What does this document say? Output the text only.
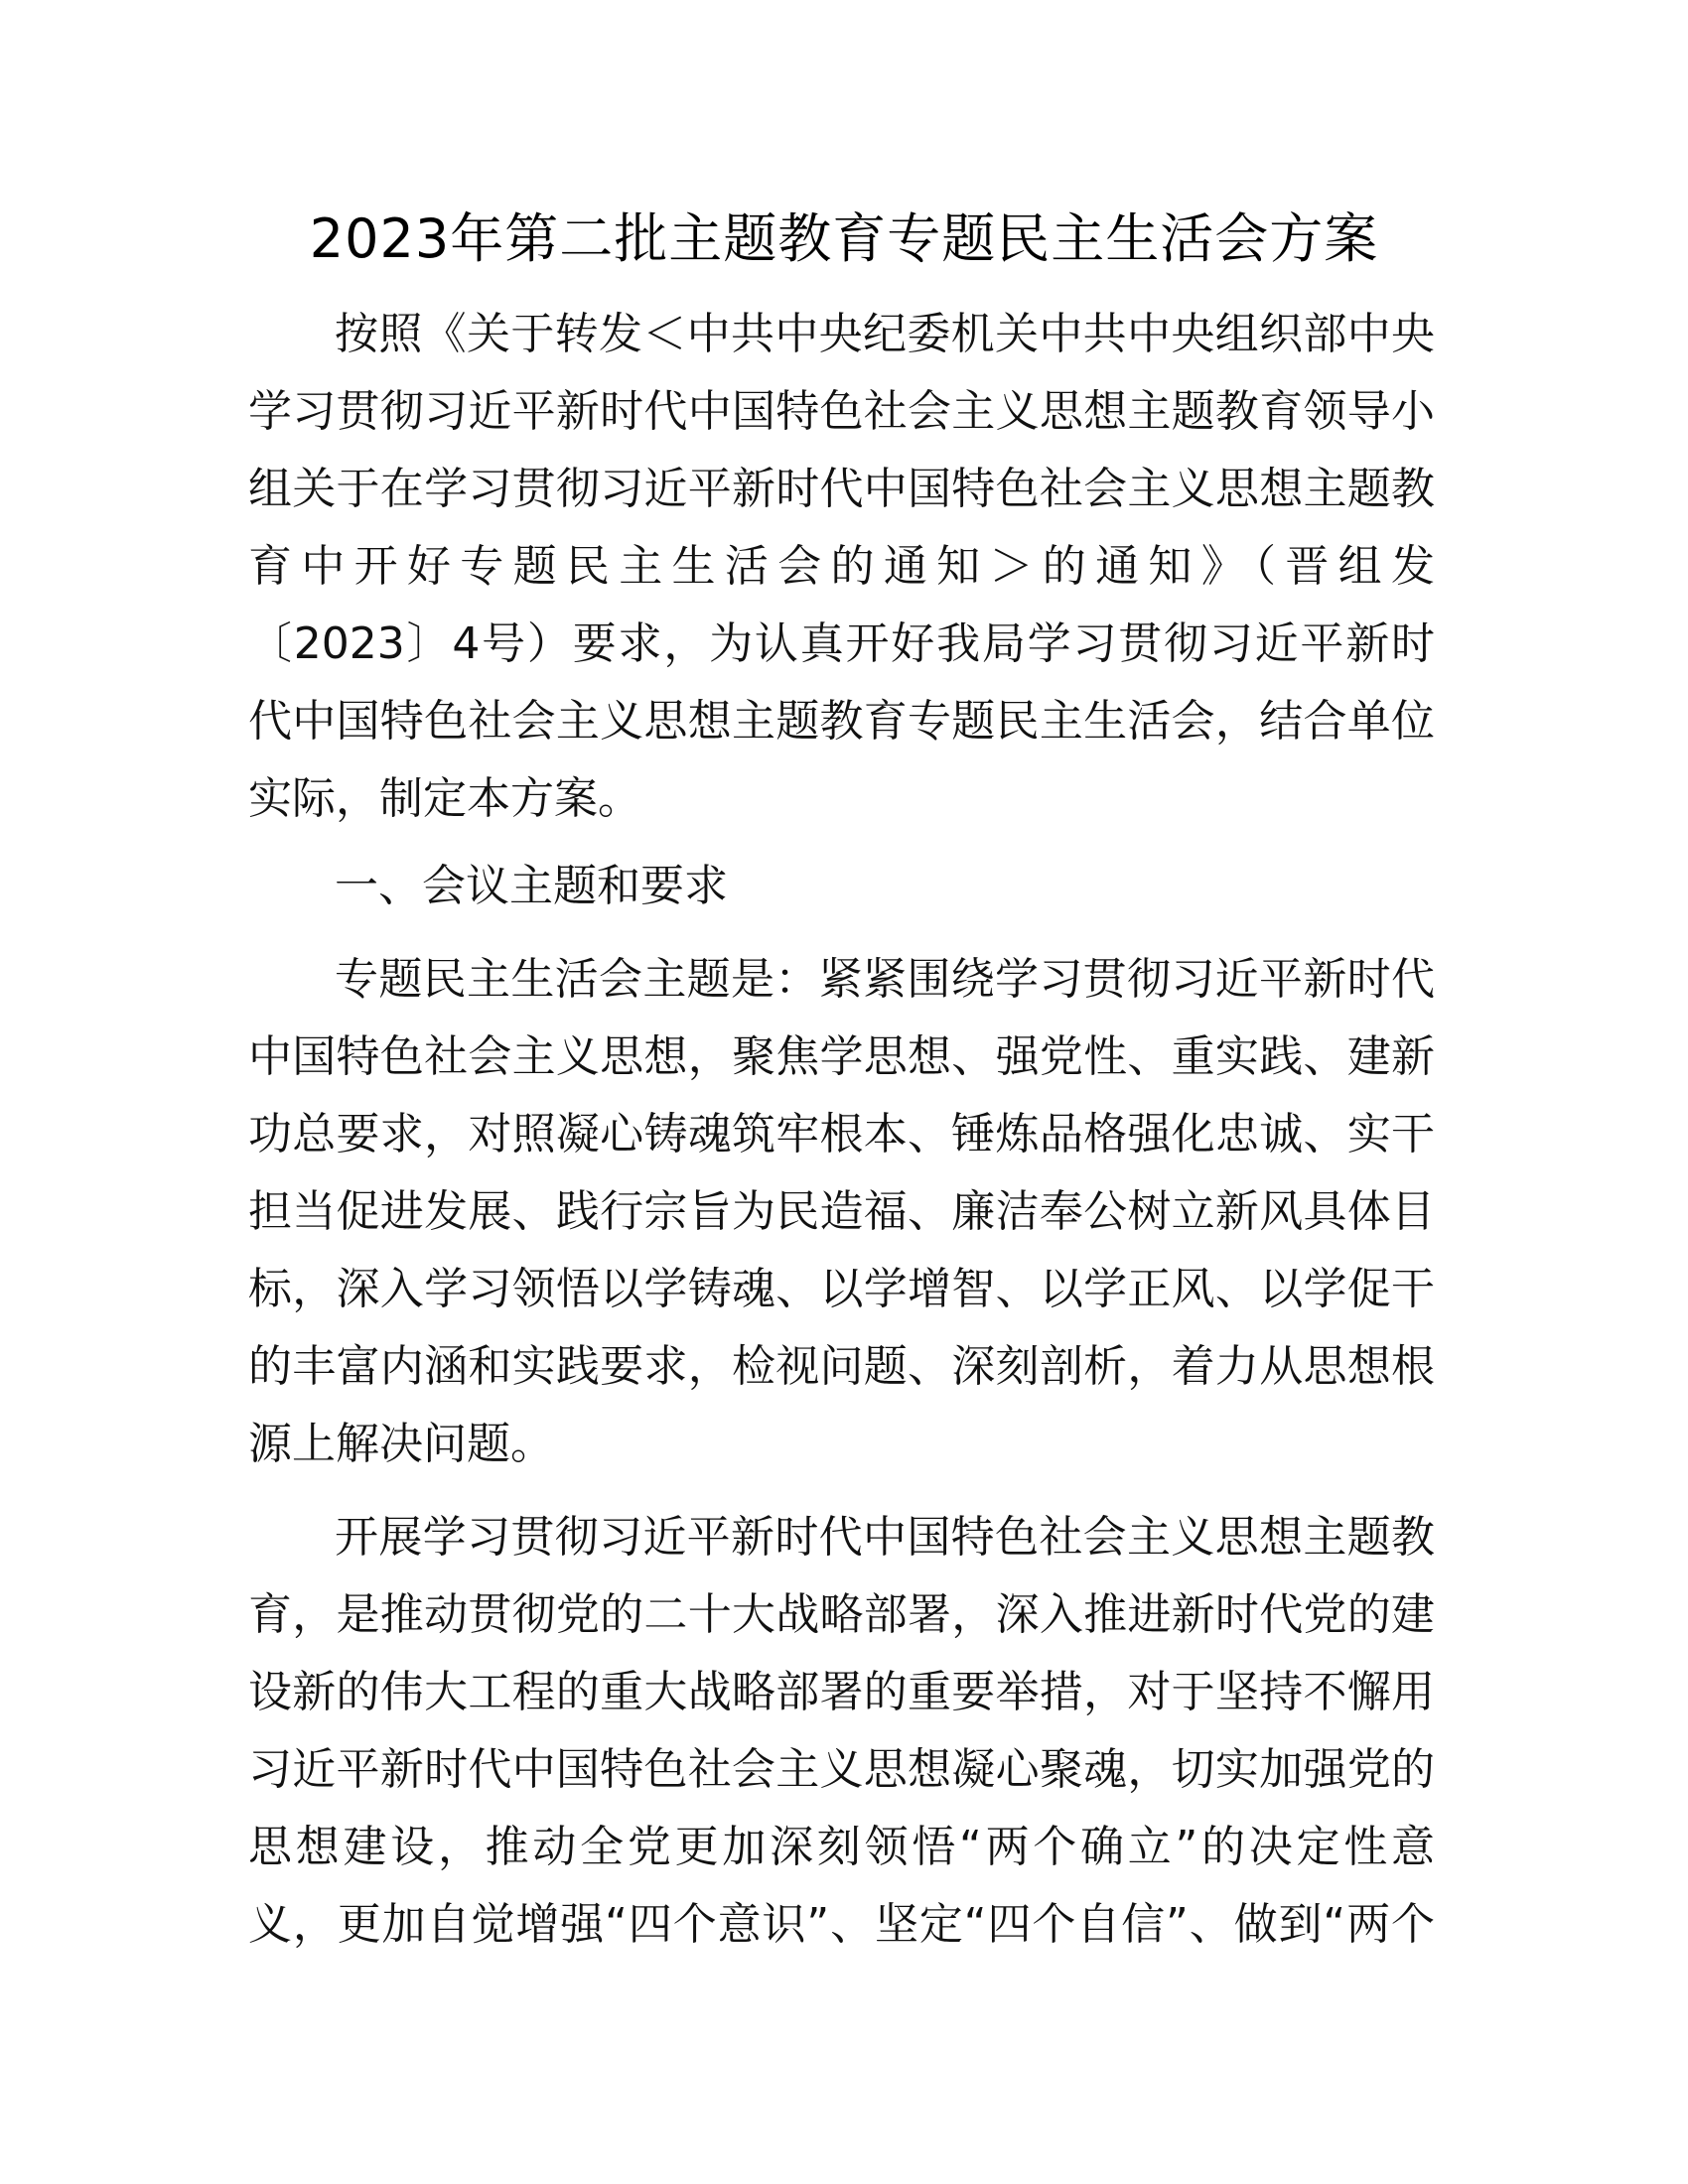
2023年第二批主题教育专题民主生活会方案
按照《关于转发＜中共中央纪委机关中共中央组织部中央
学习贯彻习近平新时代中国特色社会主义思想主题教育领导小
组关于在学习贯彻习近平新时代中国特色社会主义思想主题教
育中开好专题民主生活会的通知＞的通知》（晋组发
〔2023〕4号）要求，为认真开好我局学习贯彻习近平新时
代中国特色社会主义思想主题教育专题民主生活会，结合单位
实际，制定本方案。
一、会议主题和要求
专题民主生活会主题是：紧紧围绕学习贯彻习近平新时代
中国特色社会主义思想，聚焦学思想、强党性、重实践、建新
功总要求，对照凝心铸魂筑牢根本、锤炼品格强化忠诚、实干
担当促进发展、践行宗旨为民造福、廉洁奉公树立新风具体目
标，深入学习领悟以学铸魂、以学增智、以学正风、以学促干
的丰富内涵和实践要求，检视问题、深刻剖析，着力从思想根
源上解决问题。
开展学习贯彻习近平新时代中国特色社会主义思想主题教
育，是推动贯彻党的二十大战略部署，深入推进新时代党的建
设新的伟大工程的重大战略部署的重要举措，对于坚持不懈用
习近平新时代中国特色社会主义思想凝心聚魂，切实加强党的
思想建设，推动全党更加深刻领悟“两个确立”的决定性意
义，更加自觉增强“四个意识”、坚定“四个自信”、做到“两个
